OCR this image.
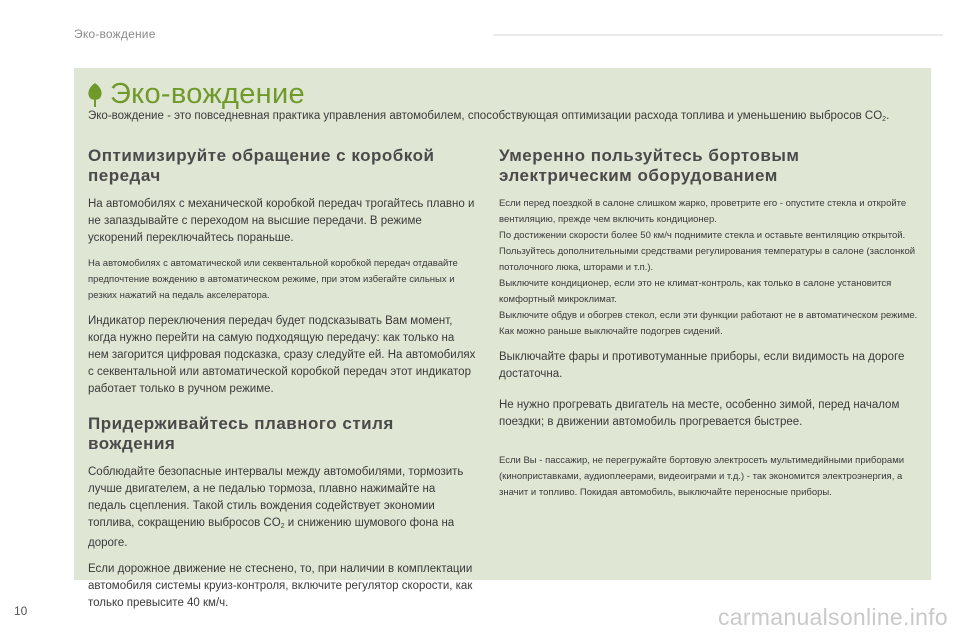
Эко-вождение
Эко-вождение
Эко-вождение - это повседневная практика управления автомобилем, способствующая оптимизации расхода топлива и уменьшению выбросов $CO_2$.
Оптимизируйте обращение с коробкой передач

На автомобилях с механической коробкой передач трогайтесь плавно и не запаздывайте с переходом на высшие передачи. В режиме ускорений переключайтесь пораньше.

На автомобилях с автоматической или секвентальной коробкой передач отдавайте предпочтение вождению в автоматическом режиме, при этом избегайте сильных и резких нажатий на педаль акселератора.

Индикатор переключения передач будет подсказывать Вам момент, когда нужно перейти на самую подходящую передачу: как только на нем загорится цифровая подсказка, сразу следуйте ей. На автомобилях с секвентальной или автоматической коробкой передач этот индикатор работает только в ручном режиме.

Придерживайтесь плавного стиля вождения

Соблюдайте безопасные интервалы между автомобилями, тормозить лучше двигателем, а не педалью тормоза, плавно нажимайте на педаль сцепления. Такой стиль вождения содействует экономии топлива, сокращению выбросов $CO_2$ и снижению шумового фона на дороге.

Если дорожное движение не стеснено, то, при наличии в комплектации автомобиля системы круиз-контроля, включите регулятор скорости, как только превысите 40 км/ч.

Умеренно пользуйтесь бортовым электрическим оборудованием
Если перед поездкой в салоне слишком жарко, проветрите его - опустите стекла и откройте вентиляцию, прежде чем включить кондиционер.
По достижении скорости более 50 км/ч поднимите стекла и оставьте вентиляцию открытой.
Пользуйтесь дополнительными средствами регулирования температуры в салоне (заслонкой потолочного люка, шторами и т.п.).
Выключите кондиционер, если это не климат-контроль, как только в салоне установится комфортный микроклимат.
Выключите обдув и обогрев стекол, если эти функции работают не в автоматическом режиме.
Как можно раньше выключайте подогрев сидений.

Выключайте фары и противотуманные приборы, если видимость на дороге достаточна.

Не нужно прогревать двигатель на месте, особенно зимой, перед началом поездки; в движении автомобиль прогревается быстрее.

Если Вы - пассажир, не перегружайте бортовую электросеть мультимедийными приборами (киноприставками, аудиоплеерами, видеоиграми и т.д.) - так экономится электроэнергия, а значит и топливо. Покидая автомобиль, выключайте переносные приборы.

10	carmanualsonline.info
